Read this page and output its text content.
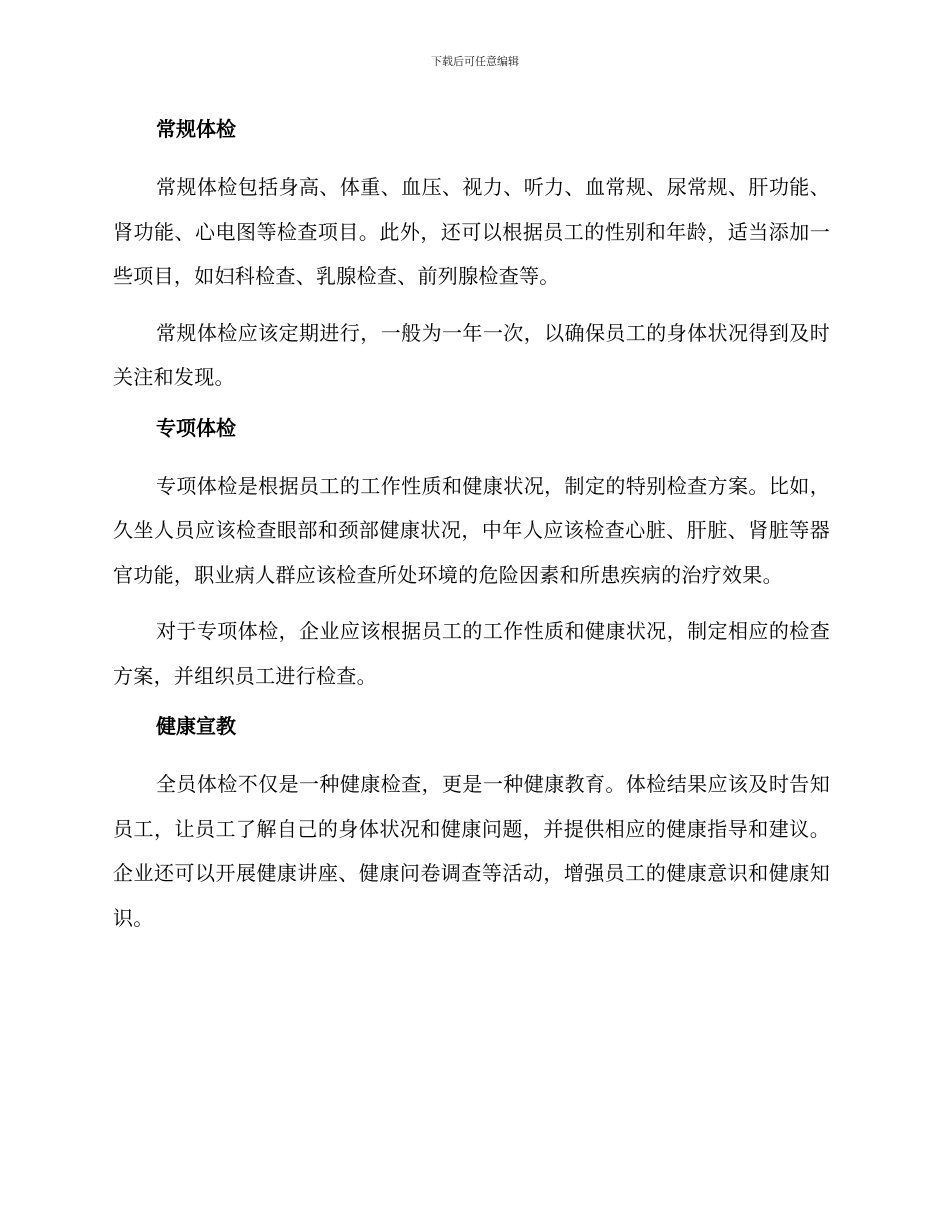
下载后可任意编辑
常规体检

常规体检包括身高、体重、血压、视力、听力、血常规、尿常规、肝功能、肾功能、心电图等检查项目。此外，还可以根据员工的性别和年龄，适当添加一些项目，如妇科检查、乳腺检查、前列腺检查等。

常规体检应该定期进行，一般为一年一次，以确保员工的身体状况得到及时关注和发现。

专项体检

专项体检是根据员工的工作性质和健康状况，制定的特别检查方案。比如，久坐人员应该检查眼部和颈部健康状况，中年人应该检查心脏、肝脏、肾脏等器官功能，职业病人群应该检查所处环境的危险因素和所患疾病的治疗效果。

对于专项体检，企业应该根据员工的工作性质和健康状况，制定相应的检查方案，并组织员工进行检查。

健康宣教

全员体检不仅是一种健康检查，更是一种健康教育。体检结果应该及时告知员工，让员工了解自己的身体状况和健康问题，并提供相应的健康指导和建议。企业还可以开展健康讲座、健康问卷调查等活动，增强员工的健康意识和健康知识。
